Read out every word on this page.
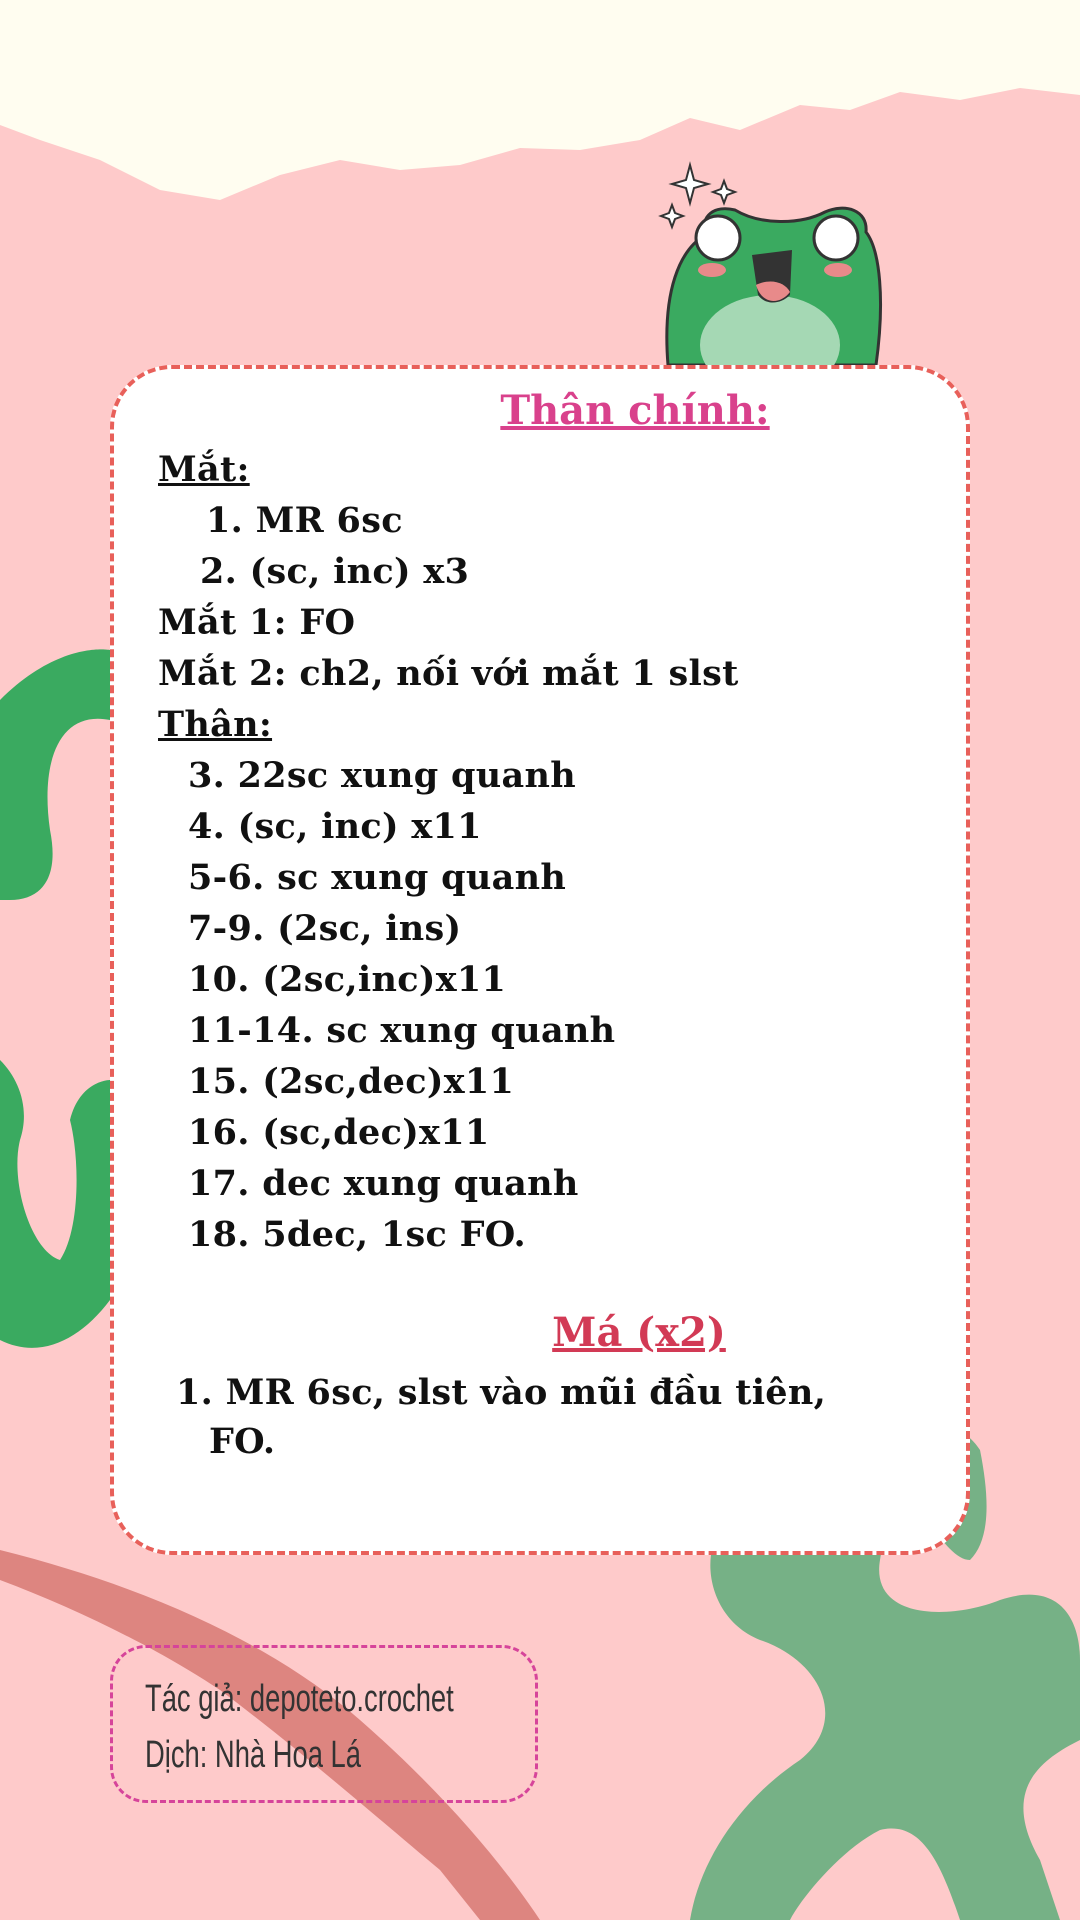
Thân chính:
Mắt:
1. MR 6sc
2. (sc, inc) x3
Mắt 1: FO
Mắt 2: ch2, nối với mắt 1 slst
Thân:
3. 22sc xung quanh
4. (sc, inc) x11
5-6. sc xung quanh
7-9. (2sc, ins)
10. (2sc,inc)x11
11-14. sc xung quanh
15. (2sc,dec)x11
16. (sc,dec)x11
17. dec xung quanh
18. 5dec, 1sc FO.
Má (x2)
1. MR 6sc, slst vào mũi đầu tiên,
FO.
Tác giả: depoteto.crochet
Dịch: Nhà Hoa Lá
